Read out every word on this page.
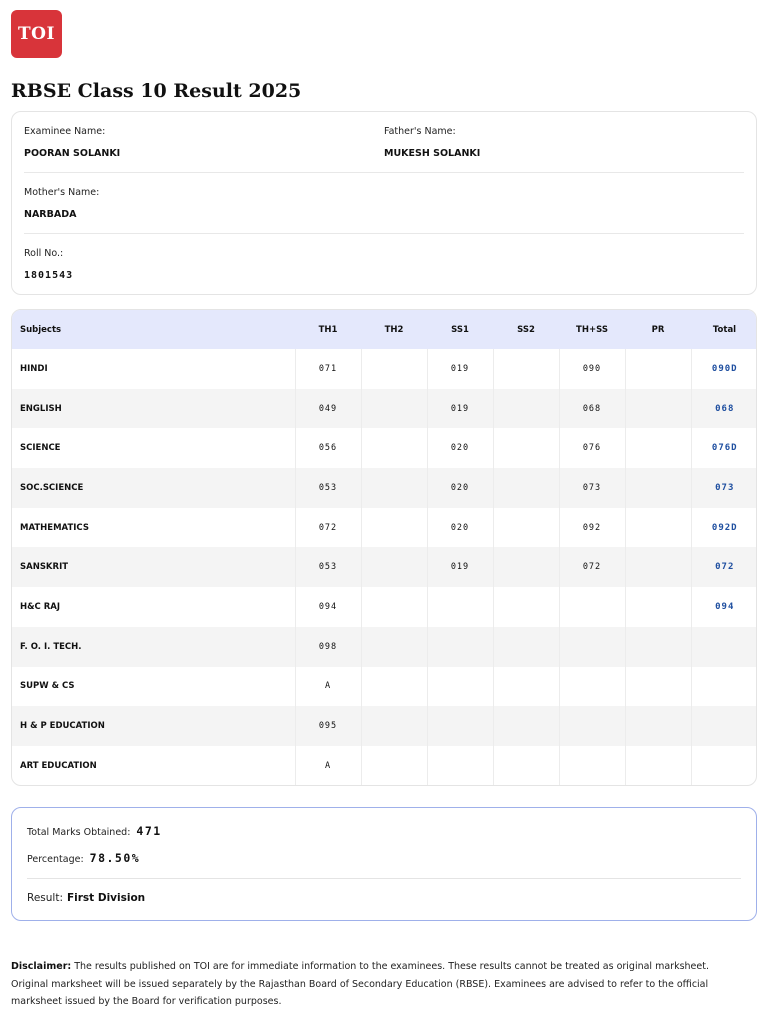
TOI
RBSE Class 10 Result 2025
Examinee Name:
POORAN SOLANKI
Father's Name:
MUKESH SOLANKI
Mother's Name:
NARBADA
Roll No.:
1801543
Subjects	TH1	TH2	SS1	SS2	TH+SS	PR	Total
HINDI	071		019		090		090D
ENGLISH	049		019		068		068
SCIENCE	056		020		076		076D
SOC.SCIENCE	053		020		073		073
MATHEMATICS	072		020		092		092D
SANSKRIT	053		019		072		072
H&C RAJ	094						094
F. O. I. TECH.	098						
SUPW & CS	A						
H & P EDUCATION	095						
ART EDUCATION	A						
Total Marks Obtained: 471
Percentage: 78.50%
Result: First Division

Disclaimer: The results published on TOI are for immediate information to the examinees. These results cannot be treated as original marksheet. Original marksheet will be issued separately by the Rajasthan Board of Secondary Education (RBSE). Examinees are advised to refer to the official marksheet issued by the Board for verification purposes.
